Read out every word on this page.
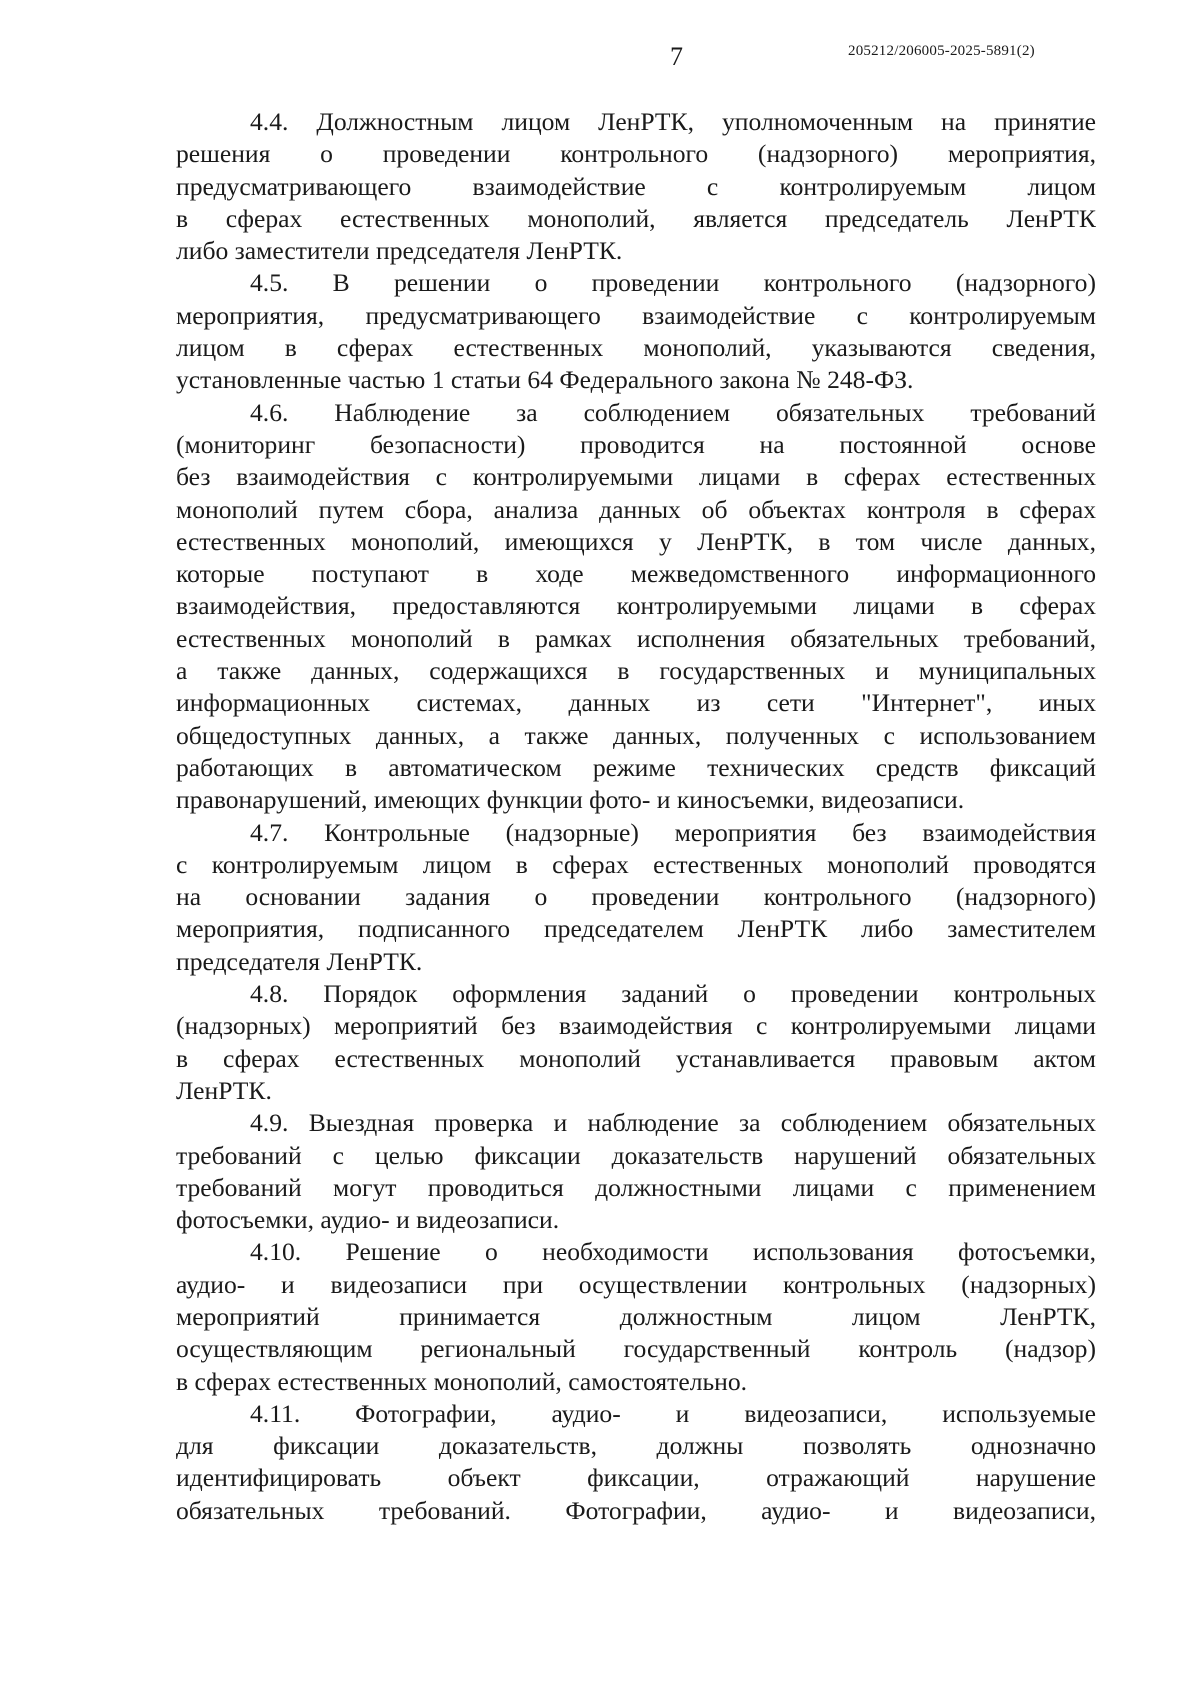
7	205212/206005-2025-5891(2)
4.4. Должностным лицом ЛенРТК, уполномоченным на принятие
решения о проведении контрольного (надзорного) мероприятия,
предусматривающего взаимодействие с контролируемым лицом
в сферах естественных монополий, является председатель ЛенРТК
либо заместители председателя ЛенРТК.
4.5. В решении о проведении контрольного (надзорного)
мероприятия, предусматривающего взаимодействие с контролируемым
лицом в сферах естественных монополий, указываются сведения,
установленные частью 1 статьи 64 Федерального закона № 248-ФЗ.
4.6. Наблюдение за соблюдением обязательных требований
(мониторинг безопасности) проводится на постоянной основе
без взаимодействия с контролируемыми лицами в сферах естественных
монополий путем сбора, анализа данных об объектах контроля в сферах
естественных монополий, имеющихся у ЛенРТК, в том числе данных,
которые поступают в ходе межведомственного информационного
взаимодействия, предоставляются контролируемыми лицами в сферах
естественных монополий в рамках исполнения обязательных требований,
а также данных, содержащихся в государственных и муниципальных
информационных системах, данных из сети "Интернет", иных
общедоступных данных, а также данных, полученных с использованием
работающих в автоматическом режиме технических средств фиксаций
правонарушений, имеющих функции фото- и киносъемки, видеозаписи.
4.7. Контрольные (надзорные) мероприятия без взаимодействия
с контролируемым лицом в сферах естественных монополий проводятся
на основании задания о проведении контрольного (надзорного)
мероприятия, подписанного председателем ЛенРТК либо заместителем
председателя ЛенРТК.
4.8. Порядок оформления заданий о проведении контрольных
(надзорных) мероприятий без взаимодействия с контролируемыми лицами
в сферах естественных монополий устанавливается правовым актом
ЛенРТК.
4.9. Выездная проверка и наблюдение за соблюдением обязательных
требований с целью фиксации доказательств нарушений обязательных
требований могут проводиться должностными лицами с применением
фотосъемки, аудио- и видеозаписи.
4.10. Решение о необходимости использования фотосъемки,
аудио- и видеозаписи при осуществлении контрольных (надзорных)
мероприятий принимается должностным лицом ЛенРТК,
осуществляющим региональный государственный контроль (надзор)
в сферах естественных монополий, самостоятельно.
4.11. Фотографии, аудио- и видеозаписи, используемые
для фиксации доказательств, должны позволять однозначно
идентифицировать объект фиксации, отражающий нарушение
обязательных требований. Фотографии, аудио- и видеозаписи,
